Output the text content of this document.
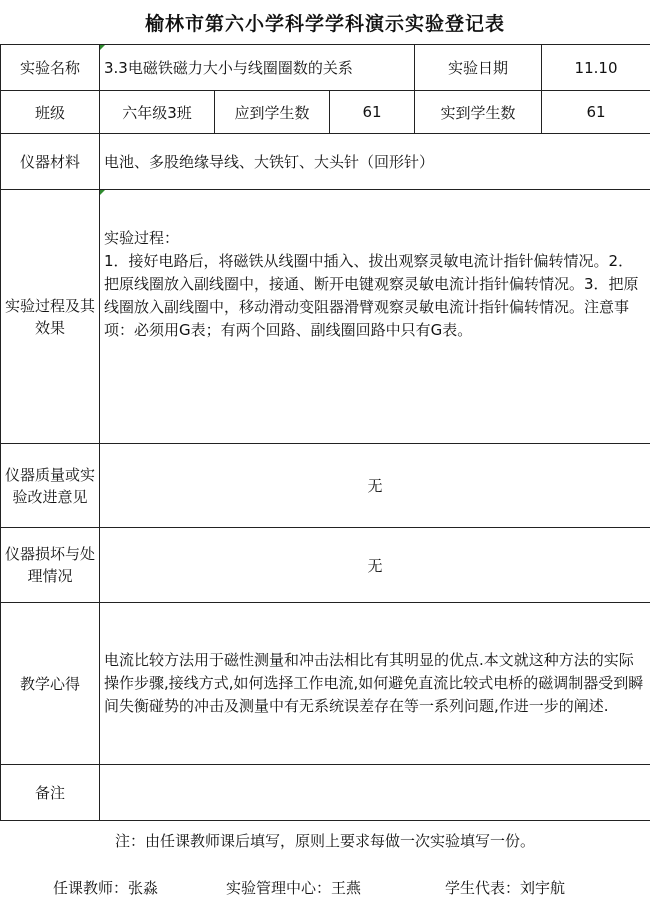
榆林市第六小学科学学科演示实验登记表
实验名称	3.3电磁铁磁力大小与线圈圈数的关系			实验日期	11.10
班级	六年级3班	应到学生数	61	实到学生数	61
仪器材料	电池、多股绝缘导线、大铁钉、大头针（回形针）				
实验过程及其效果	实验过程：
1．接好电路后，将磁铁从线圈中插入、拔出观察灵敏电流计指针偏转情况。2．把原线圈放入副线圈中，接通、断开电键观察灵敏电流计指针偏转情况。3．把原线圈放入副线圈中，移动滑动变阻器滑臂观察灵敏电流计指针偏转情况。注意事项：必须用G表；有两个回路、副线圈回路中只有G表。				

仪器质量或实验改进意见	无				
仪器损坏与处理情况	无				
教学心得	电流比较方法用于磁性测量和冲击法相比有其明显的优点.本文就这种方法的实际操作步骤,接线方式,如何选择工作电流,如何避免直流比较式电桥的磁调制器受到瞬间失衡碰势的冲击及测量中有无系统误差存在等一系列问题,作进一步的阐述.				
备注					
注：由任课教师课后填写，原则上要求每做一次实验填写一份。
任课教师：张淼	实验管理中心：王燕	学生代表：刘宇航
